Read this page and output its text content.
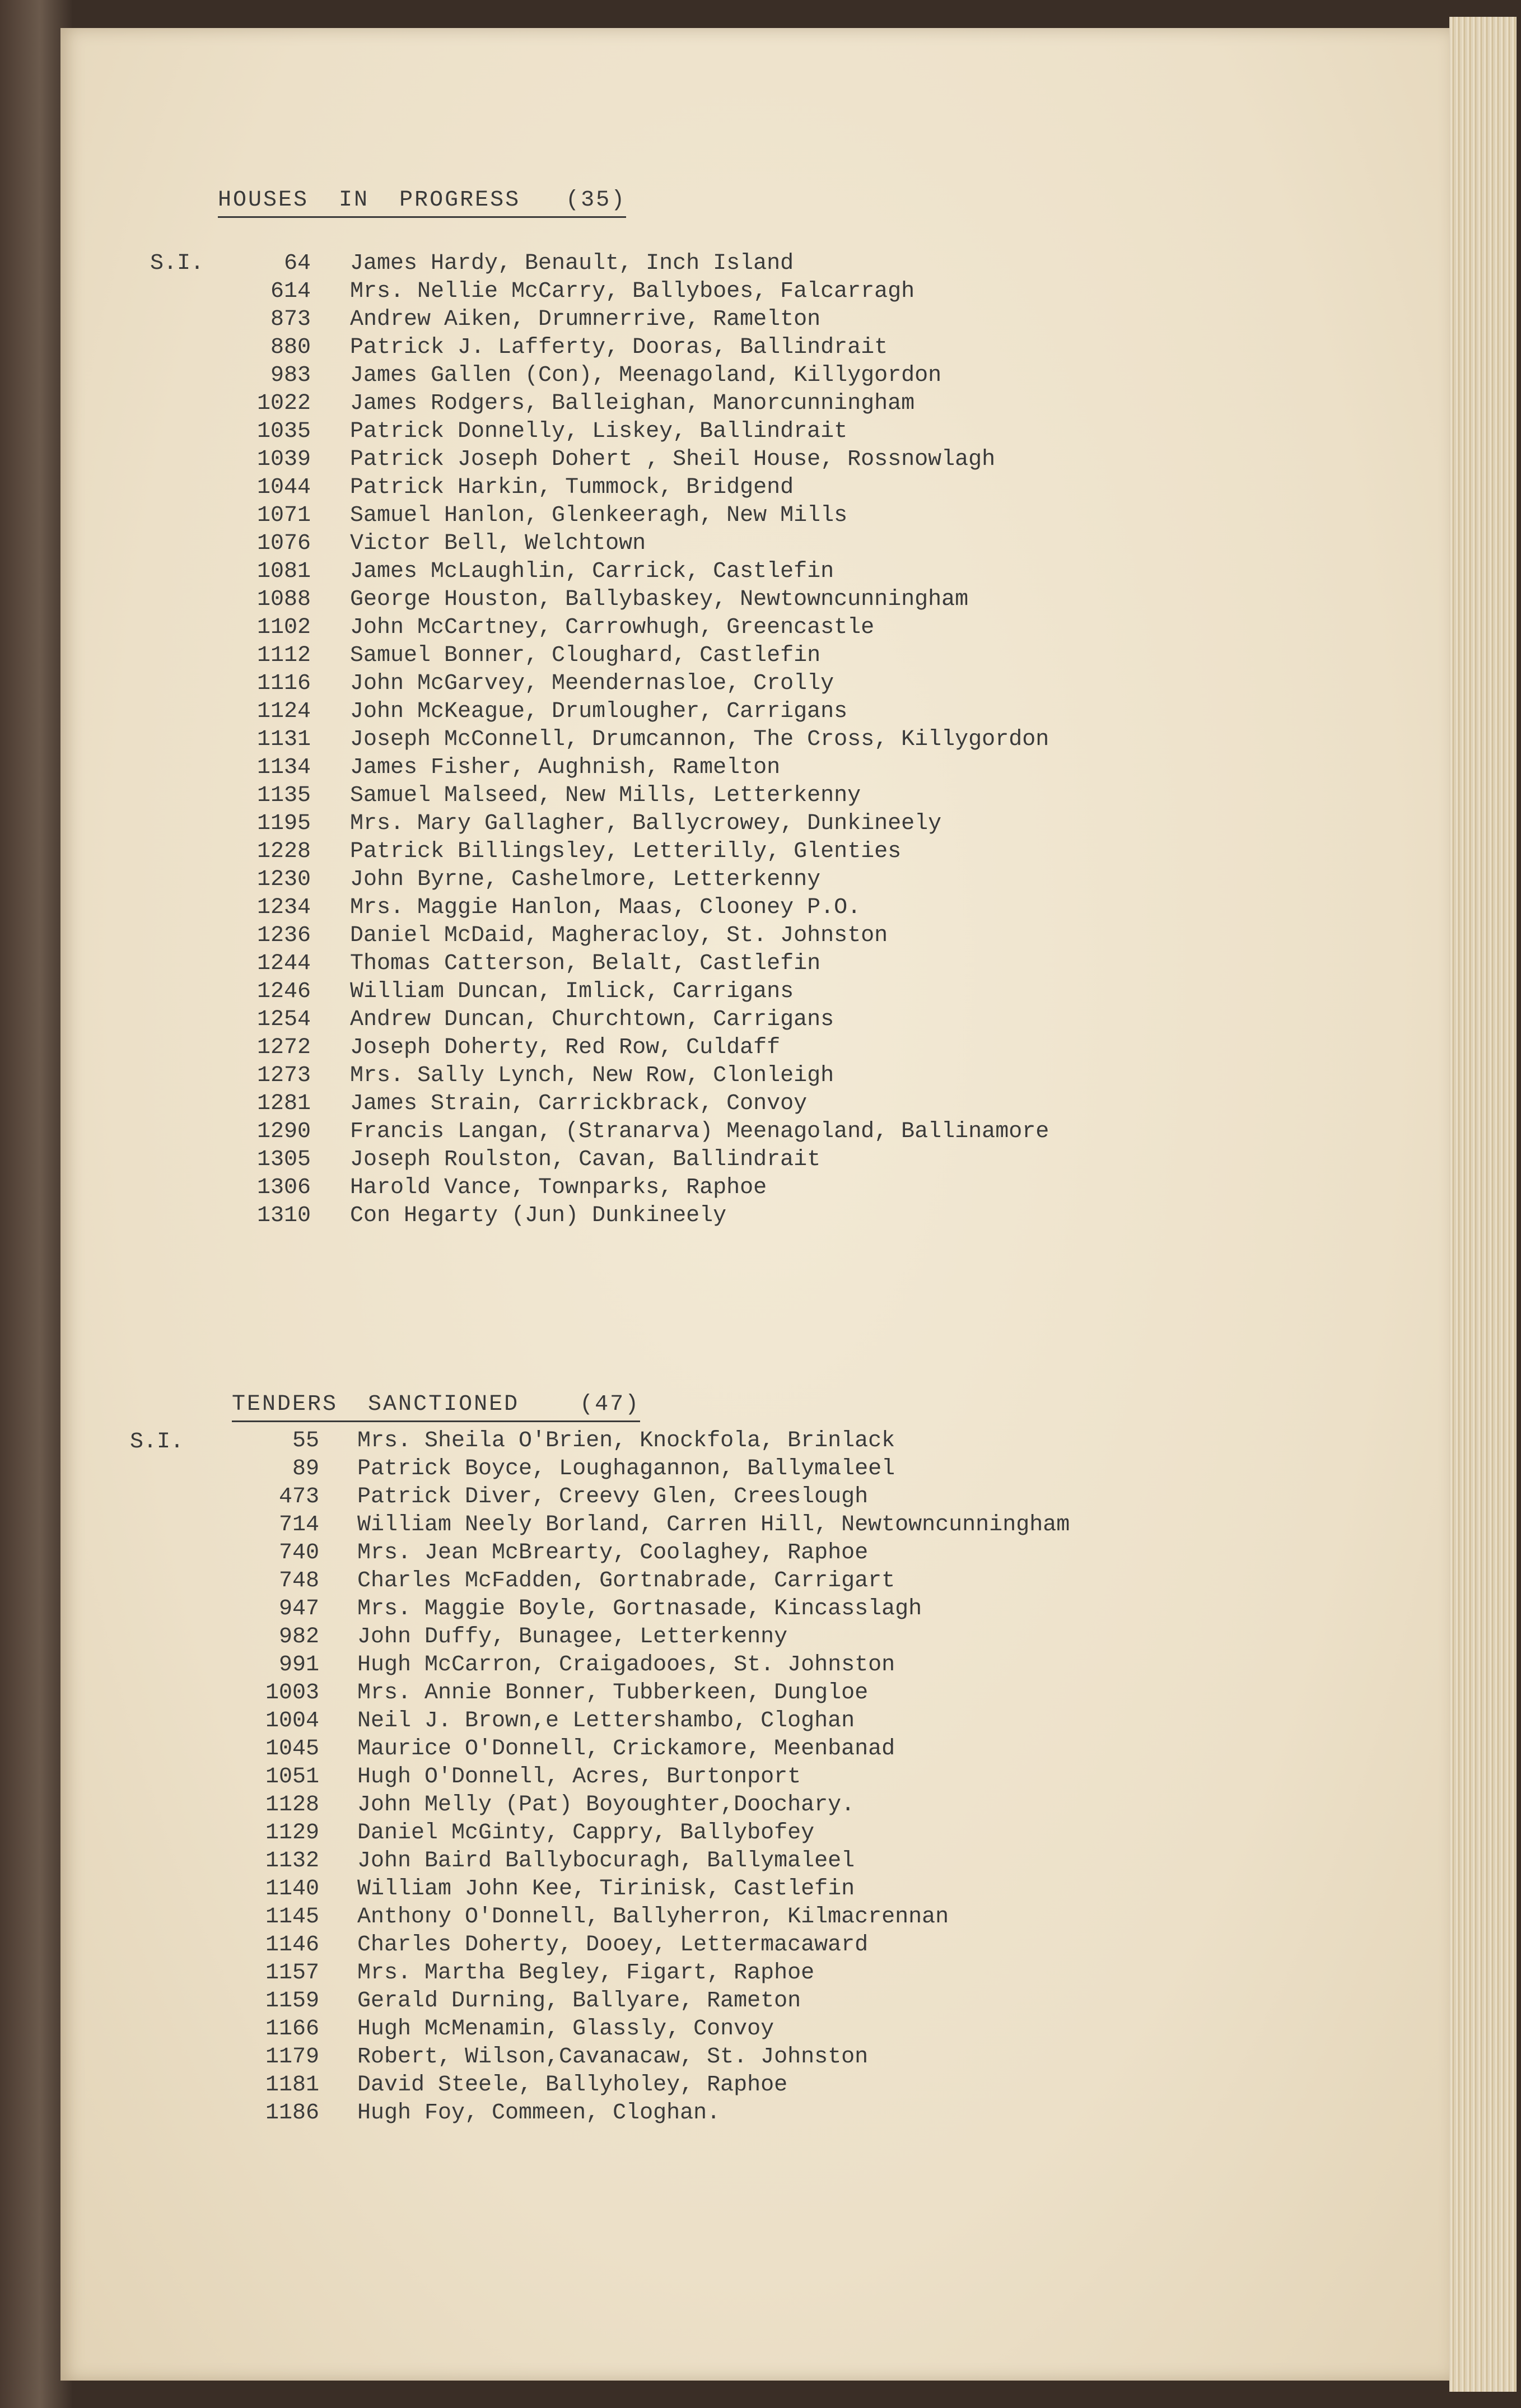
HOUSES  IN  PROGRESS   (35)

S.I.	64 James Hardy, Benault, Inch Island
614 Mrs. Nellie McCarry, Ballyboes, Falcarragh
873 Andrew Aiken, Drumnerrive, Ramelton
880 Patrick J. Lafferty, Dooras, Ballindrait
983 James Gallen (Con), Meenagoland, Killygordon
1022 James Rodgers, Balleighan, Manorcunningham
1035 Patrick Donnelly, Liskey, Ballindrait
1039 Patrick Joseph Dohert , Sheil House, Rossnowlagh
1044 Patrick Harkin, Tummock, Bridgend
1071 Samuel Hanlon, Glenkeeragh, New Mills
1076 Victor Bell, Welchtown
1081 James McLaughlin, Carrick, Castlefin
1088 George Houston, Ballybaskey, Newtowncunningham
1102 John McCartney, Carrowhugh, Greencastle
1112 Samuel Bonner, Cloughard, Castlefin
1116 John McGarvey, Meendernasloe, Crolly
1124 John McKeague, Drumlougher, Carrigans
1131 Joseph McConnell, Drumcannon, The Cross, Killygordon
1134 James Fisher, Aughnish, Ramelton
1135 Samuel Malseed, New Mills, Letterkenny
1195 Mrs. Mary Gallagher, Ballycrowey, Dunkineely
1228 Patrick Billingsley, Letterilly, Glenties
1230 John Byrne, Cashelmore, Letterkenny
1234 Mrs. Maggie Hanlon, Maas, Clooney P.O.
1236 Daniel McDaid, Magheracloy, St. Johnston
1244 Thomas Catterson, Belalt, Castlefin
1246 William Duncan, Imlick, Carrigans
1254 Andrew Duncan, Churchtown, Carrigans
1272 Joseph Doherty, Red Row, Culdaff
1273 Mrs. Sally Lynch, New Row, Clonleigh
1281 James Strain, Carrickbrack, Convoy
1290 Francis Langan, (Stranarva) Meenagoland, Ballinamore
1305 Joseph Roulston, Cavan, Ballindrait
1306 Harold Vance, Townparks, Raphoe
1310 Con Hegarty (Jun) Dunkineely

TENDERS  SANCTIONED    (47)

S.I.	55 Mrs. Sheila O'Brien, Knockfola, Brinlack
89 Patrick Boyce, Loughagannon, Ballymaleel
473 Patrick Diver, Creevy Glen, Creeslough
714 William Neely Borland, Carren Hill, Newtowncunningham
740 Mrs. Jean McBrearty, Coolaghey, Raphoe
748 Charles McFadden, Gortnabrade, Carrigart
947 Mrs. Maggie Boyle, Gortnasade, Kincasslagh
982 John Duffy, Bunagee, Letterkenny
991 Hugh McCarron, Craigadooes, St. Johnston
1003 Mrs. Annie Bonner, Tubberkeen, Dungloe
1004 Neil J. Brown,e Lettershambo, Cloghan
1045 Maurice O'Donnell, Crickamore, Meenbanad
1051 Hugh O'Donnell, Acres, Burtonport
1128 John Melly (Pat) Boyoughter,Doochary.
1129 Daniel McGinty, Cappry, Ballybofey
1132 John Baird Ballybocuragh, Ballymaleel
1140 William John Kee, Tirinisk, Castlefin
1145 Anthony O'Donnell, Ballyherron, Kilmacrennan
1146 Charles Doherty, Dooey, Lettermacaward
1157 Mrs. Martha Begley, Figart, Raphoe
1159 Gerald Durning, Ballyare, Rameton
1166 Hugh McMenamin, Glassly, Convoy
1179 Robert, Wilson,Cavanacaw, St. Johnston
1181 David Steele, Ballyholey, Raphoe
1186 Hugh Foy, Commeen, Cloghan.
